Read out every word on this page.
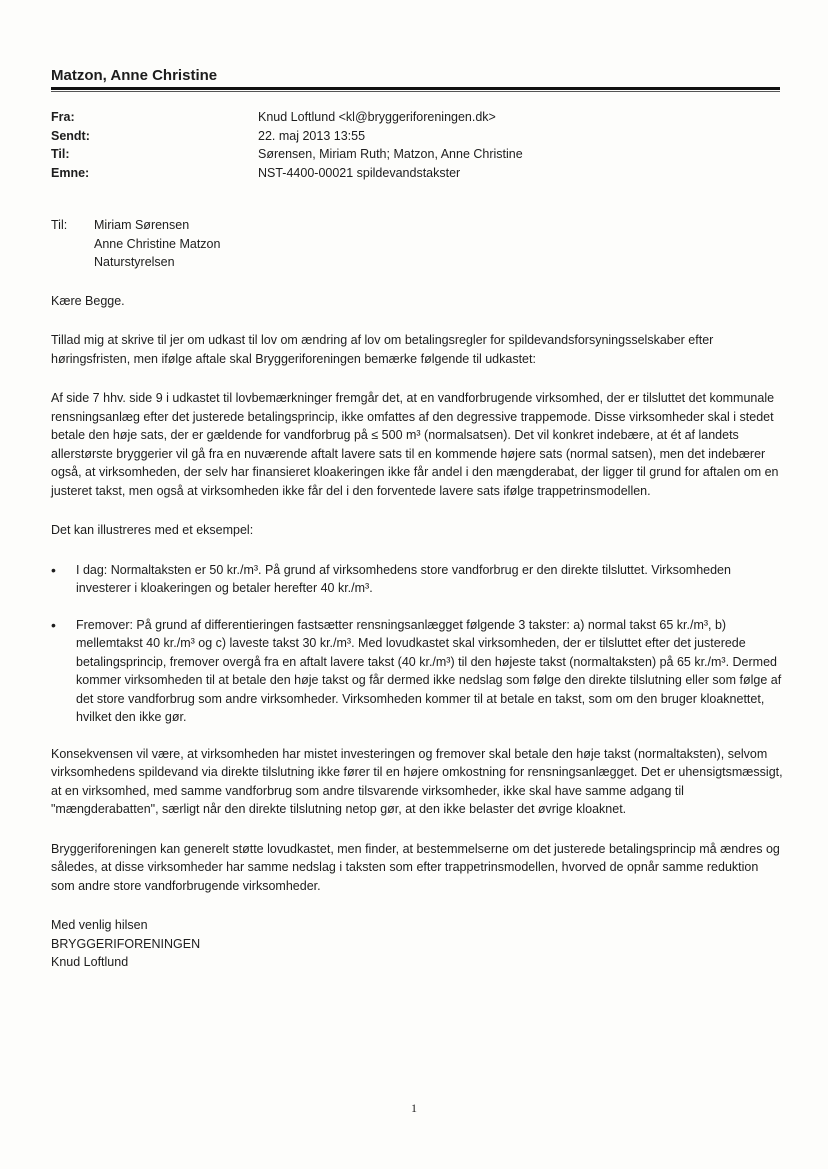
Matzon, Anne Christine
Fra:	Knud Loftlund <kl@bryggeriforeningen.dk>
Sendt:	22. maj 2013 13:55
Til:	Sørensen, Miriam Ruth; Matzon, Anne Christine
Emne:	NST-4400-00021 spildevandstakster
Til:	Miriam Sørensen
Anne Christine Matzon
Naturstyrelsen

Kære Begge.

Tillad mig at skrive til jer om udkast til lov om ændring af lov om betalingsregler for spildevandsforsyningsselskaber efter høringsfristen, men ifølge aftale skal Bryggeriforeningen bemærke følgende til udkastet:

Af side 7 hhv. side 9 i udkastet til lovbemærkninger fremgår det, at en vandforbrugende virksomhed, der er tilsluttet det kommunale rensningsanlæg efter det justerede betalingsprincip, ikke omfattes af den degressive trappemode. Disse virksomheder skal i stedet betale den høje sats, der er gældende for vandforbrug på ≤ 500 m³ (normalsatsen). Det vil konkret indebære, at ét af landets allerstørste bryggerier vil gå fra en nuværende aftalt lavere sats til en kommende højere sats (normal satsen), men det indebærer også, at virksomheden, der selv har finansieret kloakeringen ikke får andel i den mængderabat, der ligger til grund for aftalen om en justeret takst, men også at virksomheden ikke får del i den forventede lavere sats ifølge trappetrinsmodellen.

Det kan illustreres med et eksempel:

•	I dag: Normaltaksten er 50 kr./m³. På grund af virksomhedens store vandforbrug er den direkte tilsluttet. Virksomheden investerer i kloakeringen og betaler herefter 40 kr./m³.
•	Fremover: På grund af differentieringen fastsætter rensningsanlægget følgende 3 takster: a) normal takst 65 kr./m³, b) mellemtakst 40 kr./m³ og c) laveste takst 30 kr./m³. Med lovudkastet skal virksomheden, der er tilsluttet efter det justerede betalingsprincip, fremover overgå fra en aftalt lavere takst (40 kr./m³) til den højeste takst (normaltaksten) på 65 kr./m³. Dermed kommer virksomheden til at betale den høje takst og får dermed ikke nedslag som følge den direkte tilslutning eller som følge af det store vandforbrug som andre virksomheder. Virksomheden kommer til at betale en takst, som om den bruger kloaknettet, hvilket den ikke gør.

Konsekvensen vil være, at virksomheden har mistet investeringen og fremover skal betale den høje takst (normaltaksten), selvom virksomhedens spildevand via direkte tilslutning ikke fører til en højere omkostning for rensningsanlægget. Det er uhensigtsmæssigt, at en virksomhed, med samme vandforbrug som andre tilsvarende virksomheder, ikke skal have samme adgang til "mængderabatten", særligt når den direkte tilslutning netop gør, at den ikke belaster det øvrige kloaknet.

Bryggeriforeningen kan generelt støtte lovudkastet, men finder, at bestemmelserne om det justerede betalingsprincip må ændres og således, at disse virksomheder har samme nedslag i taksten som efter trappetrinsmodellen, hvorved de opnår samme reduktion som andre store vandforbrugende virksomheder.

Med venlig hilsen
BRYGGERIFORENINGEN
Knud Loftlund
1
